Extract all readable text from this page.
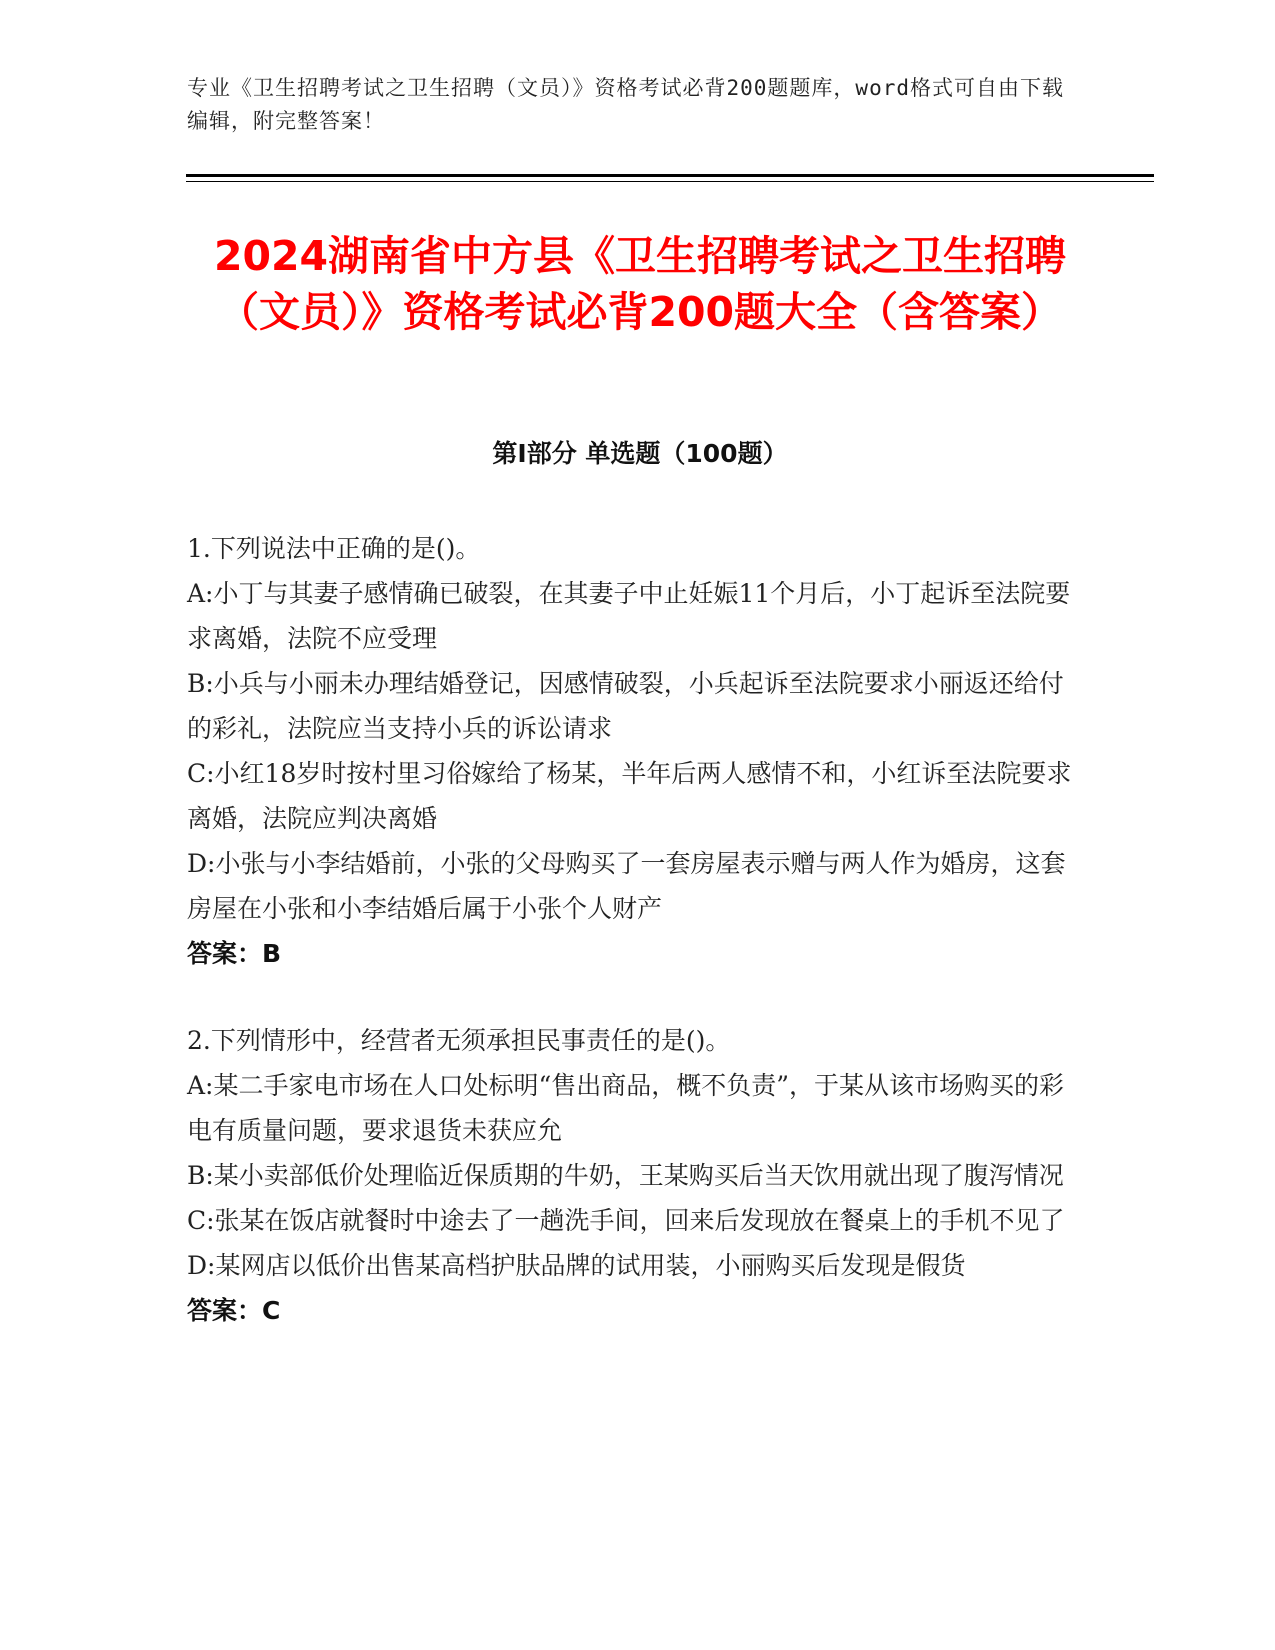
专业《卫生招聘考试之卫生招聘（文员）》资格考试必背200题题库，word格式可自由下载编辑，附完整答案！
2024湖南省中方县《卫生招聘考试之卫生招聘（文员）》资格考试必背200题大全（含答案）
第Ⅰ部分 单选题（100题）

1.下列说法中正确的是()。

A:小丁与其妻子感情确已破裂，在其妻子中止妊娠11个月后，小丁起诉至法院要求离婚，法院不应受理

B:小兵与小丽未办理结婚登记，因感情破裂，小兵起诉至法院要求小丽返还给付的彩礼，法院应当支持小兵的诉讼请求

C:小红18岁时按村里习俗嫁给了杨某，半年后两人感情不和，小红诉至法院要求离婚，法院应判决离婚

D:小张与小李结婚前，小张的父母购买了一套房屋表示赠与两人作为婚房，这套房屋在小张和小李结婚后属于小张个人财产

答案：B

2.下列情形中，经营者无须承担民事责任的是()。

A:某二手家电市场在人口处标明“售出商品，概不负责”，于某从该市场购买的彩电有质量问题，要求退货未获应允

B:某小卖部低价处理临近保质期的牛奶，王某购买后当天饮用就出现了腹泻情况

C:张某在饭店就餐时中途去了一趟洗手间，回来后发现放在餐桌上的手机不见了

D:某网店以低价出售某高档护肤品牌的试用装，小丽购买后发现是假货

答案：C
